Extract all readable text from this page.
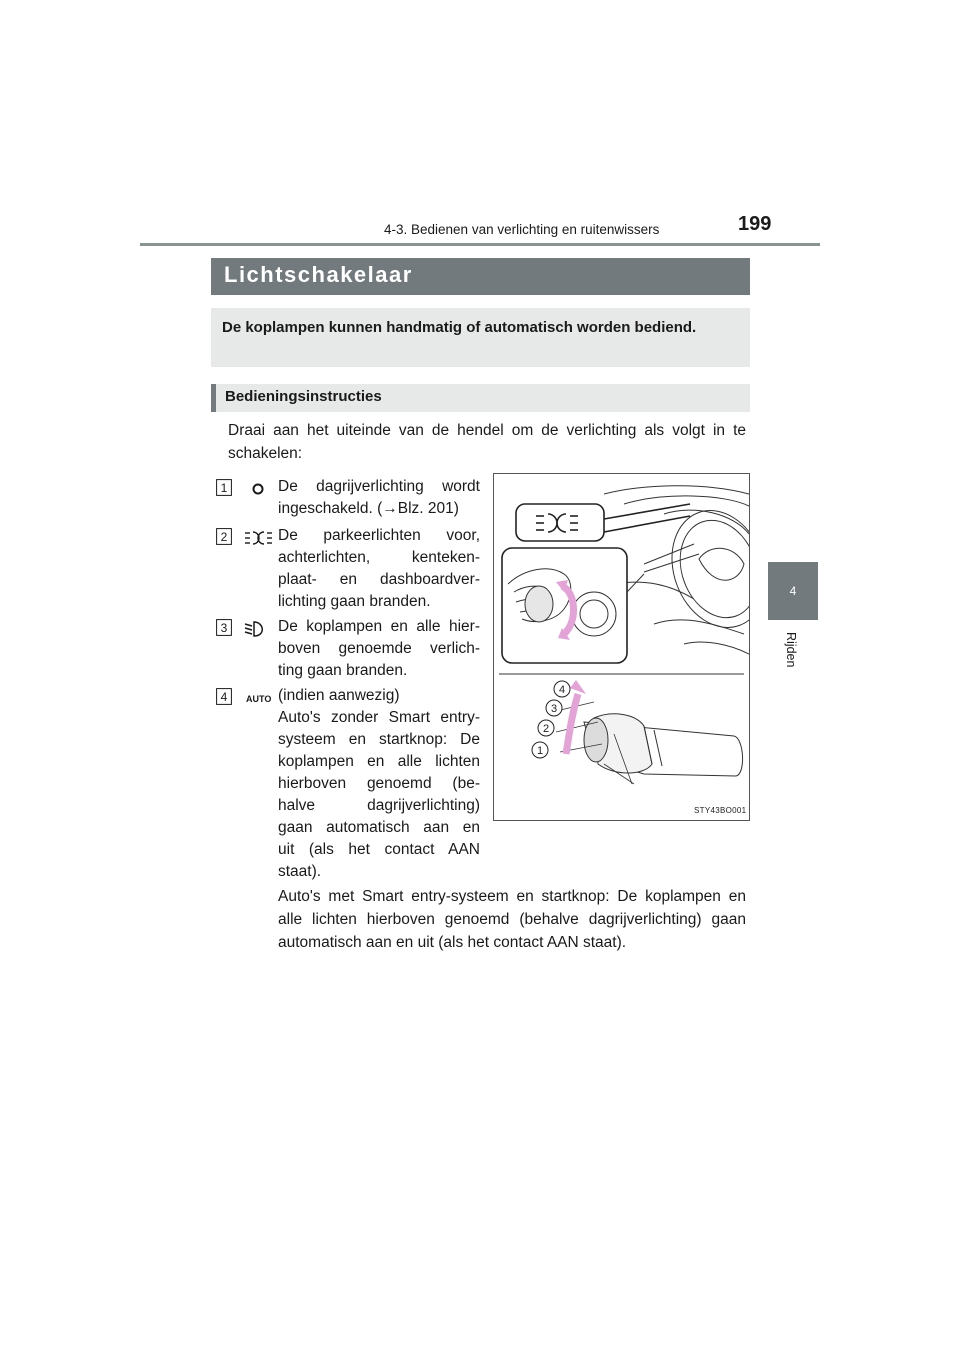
4-3. Bedienen van verlichting en ruitenwissers	199
4
Rijden
Lichtschakelaar
De koplampen kunnen handmatig of automatisch worden bediend.
Bedieningsinstructies
Draai aan het uiteinde van de hendel om de verlichting als volgt in te schakelen:
1	De dagrijverlichting wordt
ingeschakeld. (→Blz. 201)
2	De parkeerlichten voor,
achterlichten, kenteken-
plaat- en dashboardver-
lichting gaan branden.
3	De koplampen en alle hier-
boven genoemde verlich-
ting gaan branden.
4 AUTO (indien aanwezig)
Auto's zonder Smart entry-
systeem en startknop: De
koplampen en alle lichten
hierboven genoemd (be-
halve dagrijverlichting)
gaan automatisch aan en
uit (als het contact AAN
staat).
Auto's met Smart entry-systeem en startknop: De koplampen en alle lichten hierboven genoemd (behalve dagrijverlichting) gaan automatisch aan en uit (als het contact AAN staat).
1
2
3
4
STY43BO001
